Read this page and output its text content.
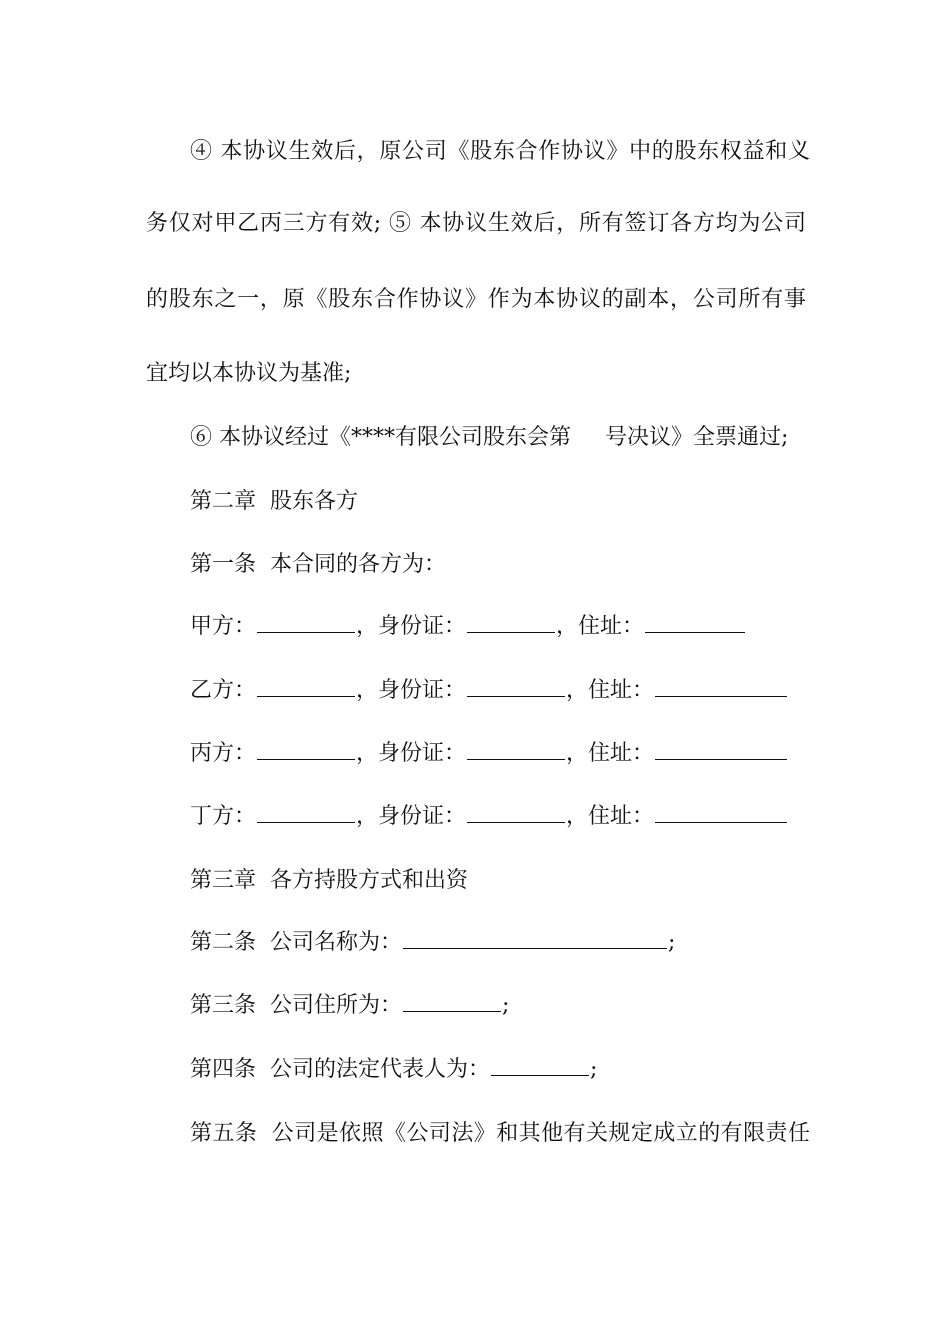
④ 本协议生效后，原公司《股东合作协议》中的股东权益和义
务仅对甲乙丙三方有效; ⑤ 本协议生效后，所有签订各方均为公司
的股东之一，原《股东合作协议》作为本协议的副本，公司所有事
宜均以本协议为基准;
⑥ 本协议经过《****有限公司股东会第 号决议》全票通过;
第二章 股东各方
第一条 本合同的各方为：
甲方：	，身份证：	，住址：
乙方：	，身份证：	，住址：
丙方：	，身份证：	，住址：
丁方：	，身份证：	，住址：
第三章 各方持股方式和出资
第二条 公司名称为：	;
第三条 公司住所为：	;
第四条 公司的法定代表人为：	;
第五条 公司是依照《公司法》和其他有关规定成立的有限责任
